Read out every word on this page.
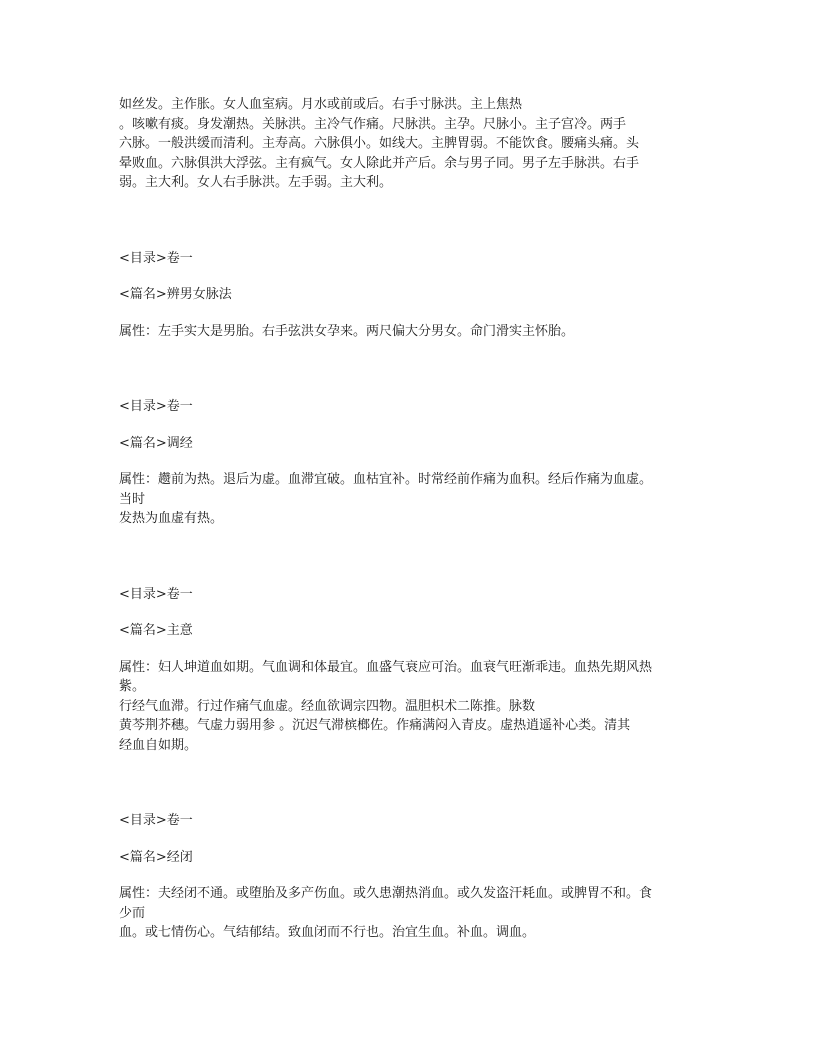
如丝发。主作胀。女人血室病。月水或前或后。右手寸脉洪。主上焦热
。咳嗽有痰。身发潮热。关脉洪。主冷气作痛。尺脉洪。主孕。尺脉小。主子宫冷。两手
六脉。一般洪缓而清利。主寿高。六脉俱小。如线大。主脾胃弱。不能饮食。腰痛头痛。头
晕败血。六脉俱洪大浮弦。主有疯气。女人除此并产后。余与男子同。男子左手脉洪。右手
弱。主大利。女人右手脉洪。左手弱。主大利。
<目录>卷一
<篇名>辨男女脉法
属性：左手实大是男胎。右手弦洪女孕来。两尺偏大分男女。命门滑实主怀胎。
<目录>卷一
<篇名>调经
属性：趱前为热。退后为虚。血滞宜破。血枯宜补。时常经前作痛为血积。经后作痛为血虚。
当时
发热为血虚有热。
<目录>卷一
<篇名>主意
属性：妇人坤道血如期。气血调和体最宜。血盛气衰应可治。血衰气旺渐乖违。血热先期风热
紫。
行经气血滞。行过作痛气血虚。经血欲调宗四物。温胆枳术二陈推。脉数
黄芩荆芥穗。气虚力弱用参 。沉迟气滞槟榔佐。作痛满闷入青皮。虚热逍遥补心类。清其
经血自如期。
<目录>卷一
<篇名>经闭
属性：夫经闭不通。或堕胎及多产伤血。或久患潮热消血。或久发盗汗耗血。或脾胃不和。食
少而
血。或七情伤心。气结郁结。致血闭而不行也。治宜生血。补血。调血。
